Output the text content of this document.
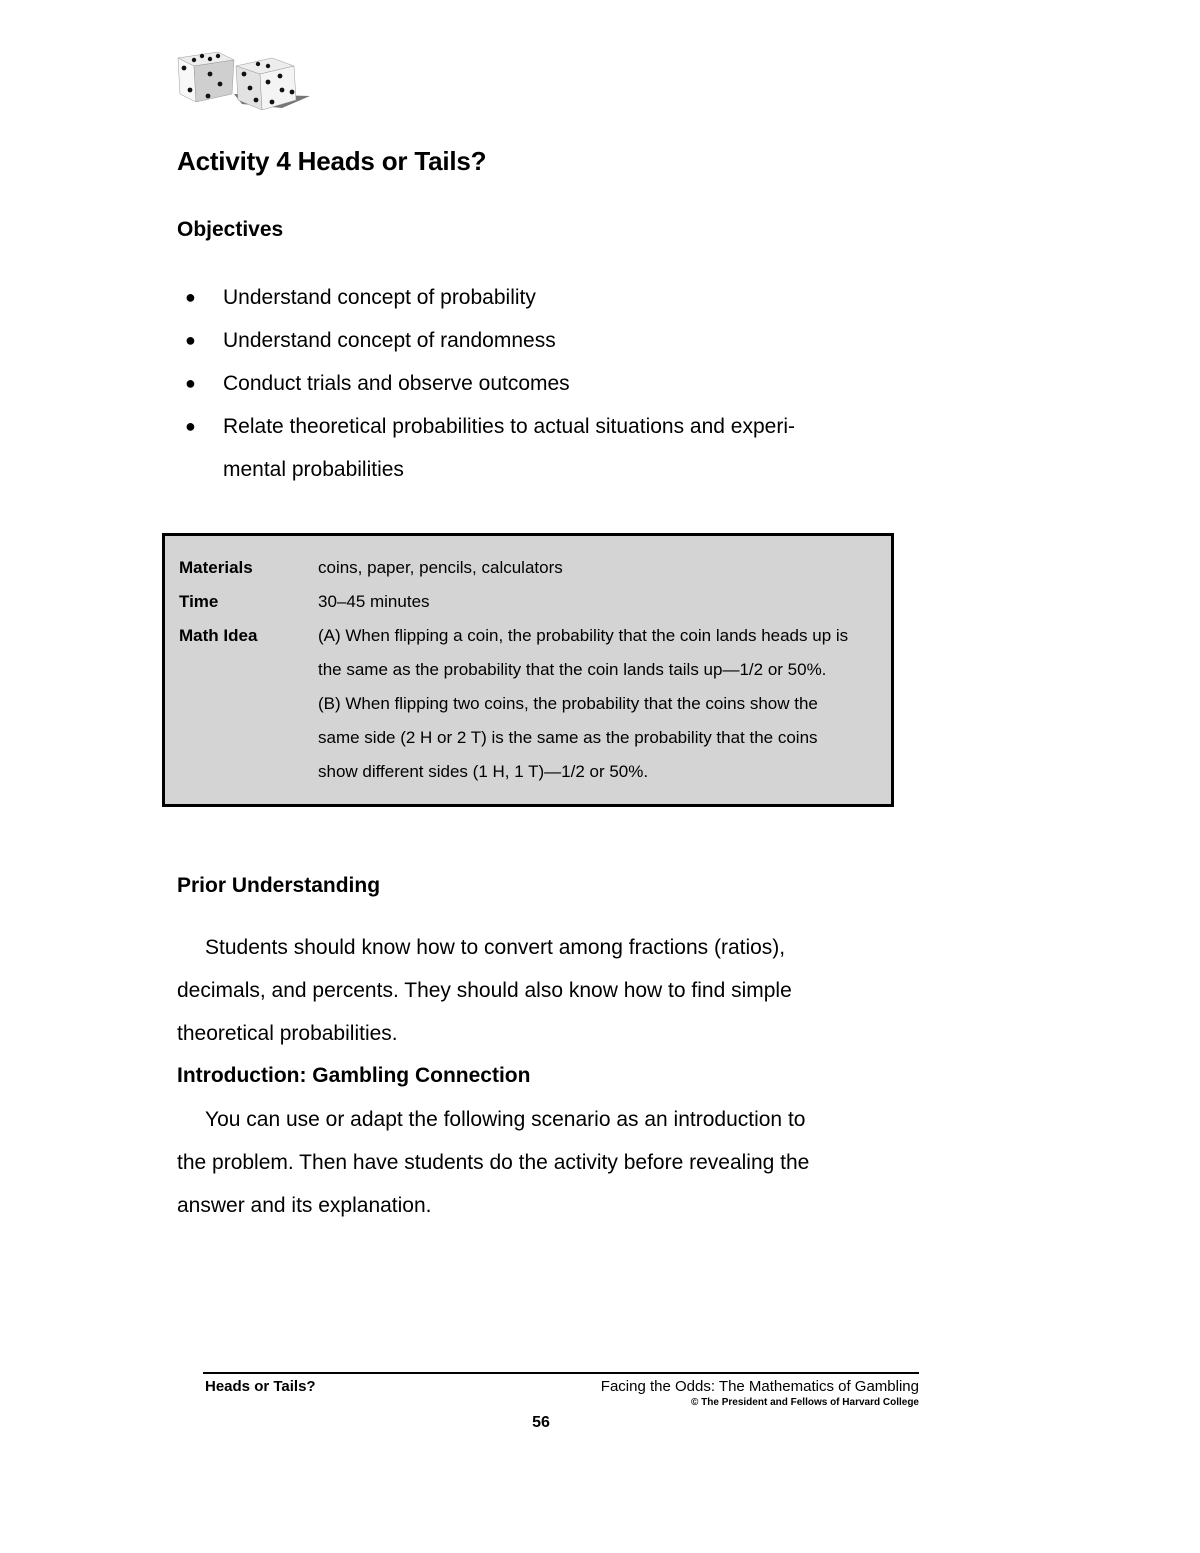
Activity 4 Heads or Tails?
Objectives
● Understand concept of probability
● Understand concept of randomness
● Conduct trials and observe outcomes
● Relate theoretical probabilities to actual situations and experi-
mental probabilities
Materials	coins, paper, pencils, calculators
Time	30–45 minutes
Math Idea	(A) When flipping a coin, the probability that the coin lands heads up is
the same as the probability that the coin lands tails up—1/2 or 50%.
(B) When flipping two coins, the probability that the coins show the
same side (2 H or 2 T) is the same as the probability that the coins
show different sides (1 H, 1 T)—1/2 or 50%.
Prior Understanding
Students should know how to convert among fractions (ratios),
decimals, and percents. They should also know how to find simple
theoretical probabilities.
Introduction: Gambling Connection
You can use or adapt the following scenario as an introduction to
the problem. Then have students do the activity before revealing the
answer and its explanation.
Heads or Tails?	Facing the Odds: The Mathematics of Gambling
© The President and Fellows of Harvard College
56
